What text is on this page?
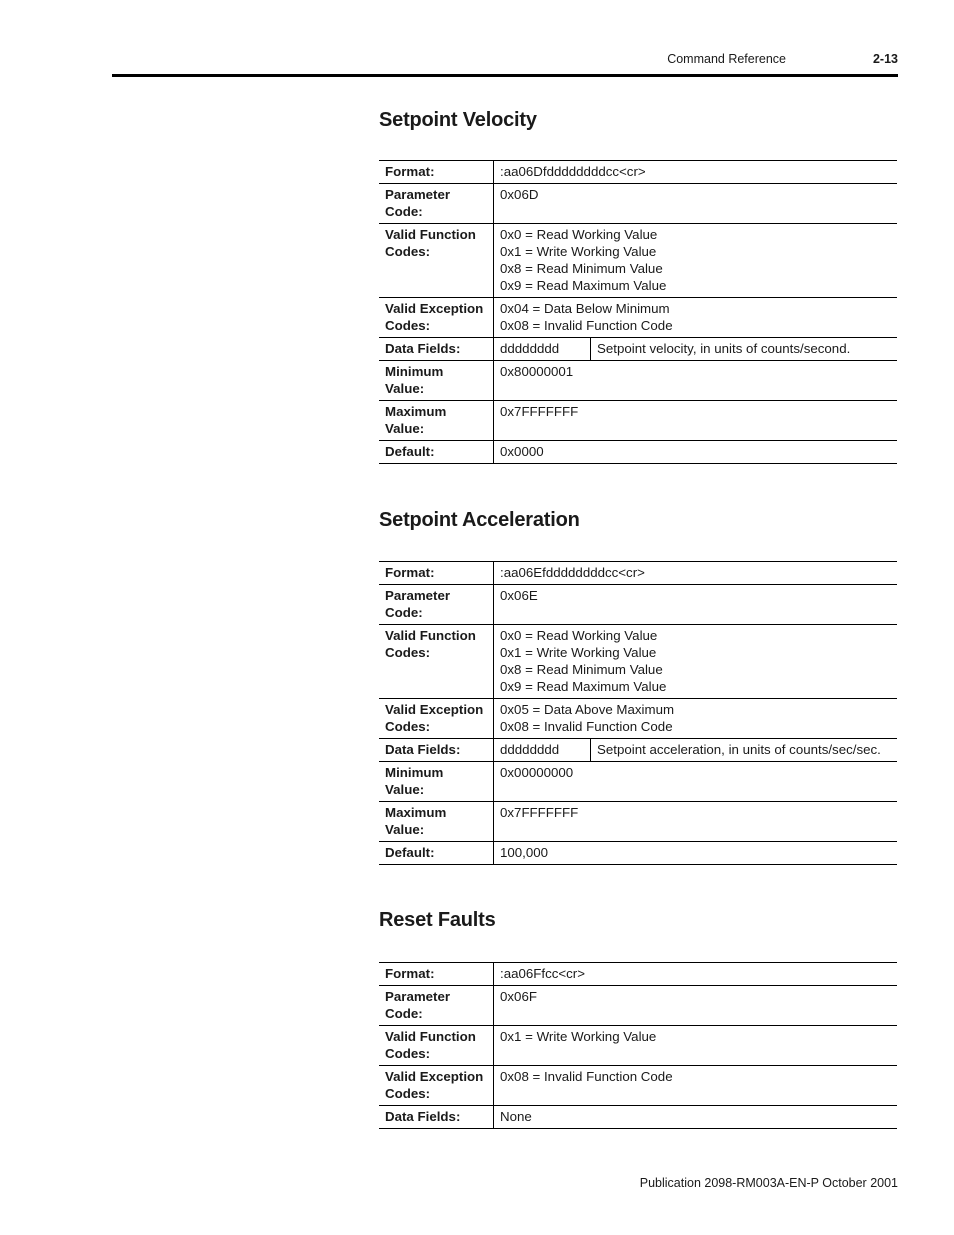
Command Reference	2-13
Setpoint Velocity
Format:	:aa06Dfddddddddcc<cr>	

Parameter
Code:	0x06D	

Valid Function
Codes:	0x0 = Read Working Value
0x1 = Write Working Value
0x8 = Read Minimum Value
0x9 = Read Maximum Value	

Valid Exception
Codes:	0x04 = Data Below Minimum
0x08 = Invalid Function Code	

Data Fields:	dddddddd	Setpoint velocity, in units of counts/second.

Minimum
Value:	0x80000001	

Maximum
Value:	0x7FFFFFFF	
Default:	0x0000	
Setpoint Acceleration
Format:	:aa06Efddddddddcc<cr>	

Parameter
Code:	0x06E	

Valid Function
Codes:	0x0 = Read Working Value
0x1 = Write Working Value
0x8 = Read Minimum Value
0x9 = Read Maximum Value	

Valid Exception
Codes:	0x05 = Data Above Maximum
0x08 = Invalid Function Code	

Data Fields:	dddddddd	Setpoint acceleration, in units of counts/sec/sec.

Minimum
Value:	0x00000000	

Maximum
Value:	0x7FFFFFFF	
Default:	100,000	
Reset Faults
Format:	:aa06Ffcc<cr>

Parameter
Code:	0x06F

Valid Function
Codes:	0x1 = Write Working Value

Valid Exception
Codes:	0x08 = Invalid Function Code
Data Fields:	None
Publication 2098-RM003A-EN-P October 2001
